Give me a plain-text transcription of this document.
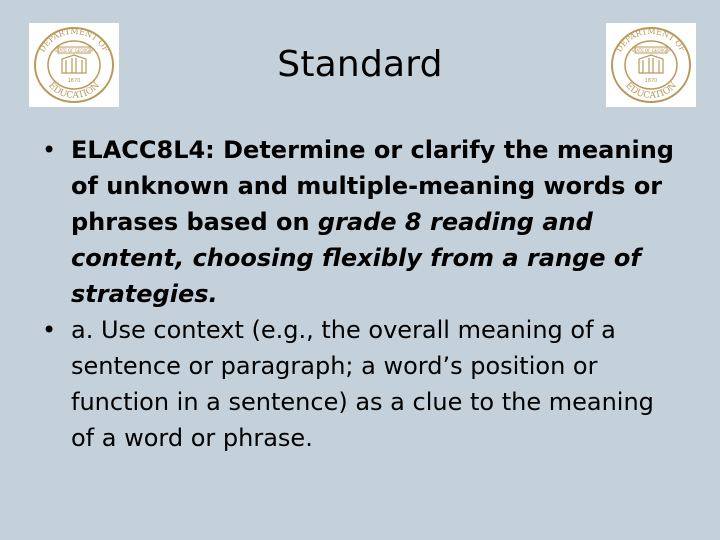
DEPARTMENT OF
EDUCATION
STATE OF GEORGIA
1870	Standard	DEPARTMENT OF
EDUCATION
STATE OF GEORGIA
1870

• ELACC8L4: Determine or clarify the meaning of unknown and multiple-meaning words or phrases based on grade 8 reading and content, choosing flexibly from a range of strategies.

• a. Use context (e.g., the overall meaning of a sentence or paragraph; a word’s position or function in a sentence) as a clue to the meaning of a word or phrase.
